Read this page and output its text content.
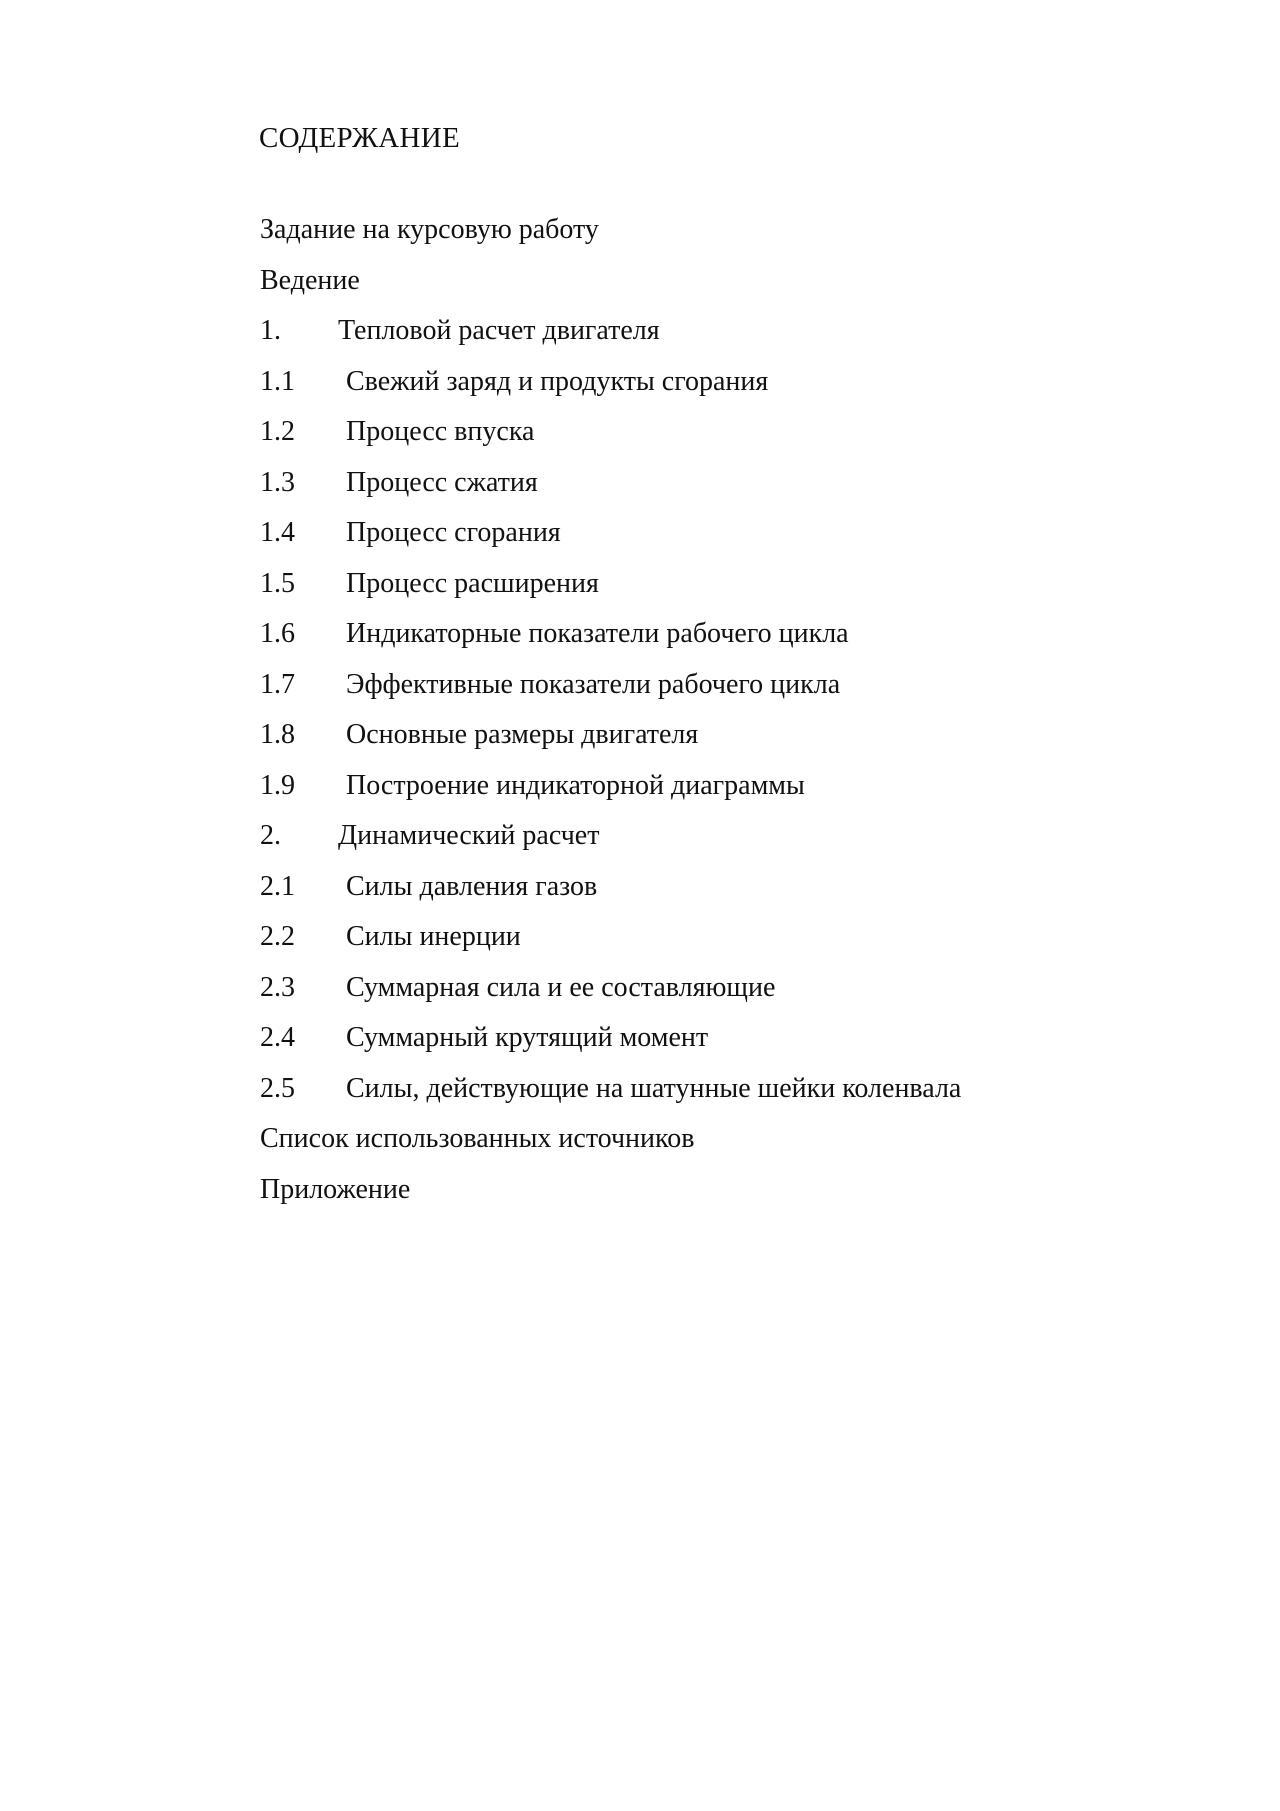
СОДЕРЖАНИЕ
Задание на курсовую работу
Ведение
1.	Тепловой расчет двигателя
1.1	Свежий заряд и продукты сгорания
1.2	Процесс впуска
1.3	Процесс сжатия
1.4	Процесс сгорания
1.5	Процесс расширения
1.6	Индикаторные показатели рабочего цикла
1.7	Эффективные показатели рабочего цикла
1.8	Основные размеры двигателя
1.9	Построение индикаторной диаграммы
2.	Динамический расчет
2.1	Силы давления газов
2.2	Силы инерции
2.3	Суммарная сила и ее составляющие
2.4	Суммарный крутящий момент
2.5	Силы, действующие на шатунные шейки коленвала
Список использованных источников
Приложение
